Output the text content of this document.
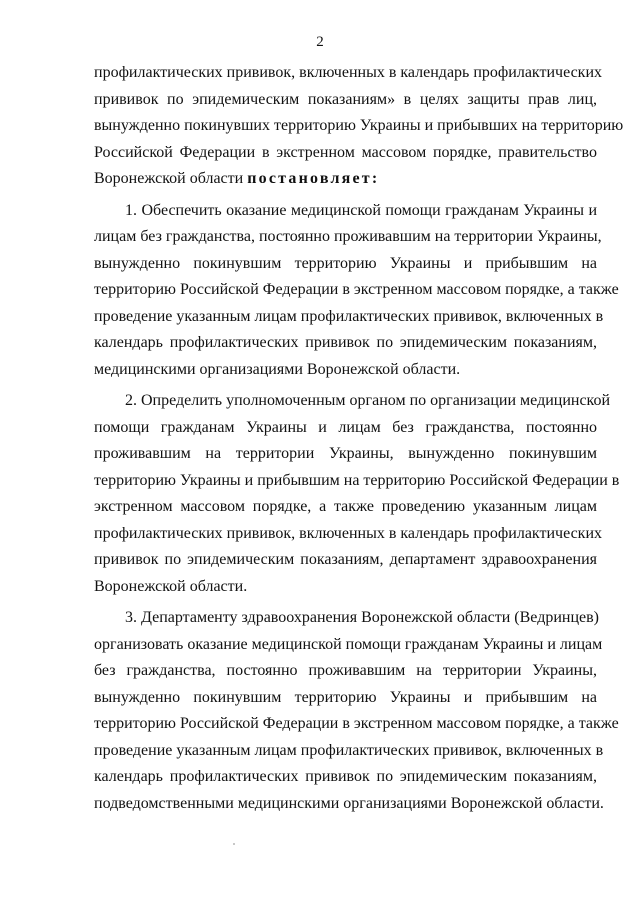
2
профилактических прививок, включенных в календарь профилактических
прививок по эпидемическим показаниям» в целях защиты прав лиц,
вынужденно покинувших территорию Украины и прибывших на территорию
Российской Федерации в экстренном массовом порядке, правительство
Воронежской области постановляет:
1. Обеспечить оказание медицинской помощи гражданам Украины и
лицам без гражданства, постоянно проживавшим на территории Украины,
вынужденно покинувшим территорию Украины и прибывшим на
территорию Российской Федерации в экстренном массовом порядке, а также
проведение указанным лицам профилактических прививок, включенных в
календарь профилактических прививок по эпидемическим показаниям,
медицинскими организациями Воронежской области.
2. Определить уполномоченным органом по организации медицинской
помощи гражданам Украины и лицам без гражданства, постоянно
проживавшим на территории Украины, вынужденно покинувшим
территорию Украины и прибывшим на территорию Российской Федерации в
экстренном массовом порядке, а также проведению указанным лицам
профилактических прививок, включенных в календарь профилактических
прививок по эпидемическим показаниям, департамент здравоохранения
Воронежской области.
3. Департаменту здравоохранения Воронежской области (Ведринцев)
организовать оказание медицинской помощи гражданам Украины и лицам
без гражданства, постоянно проживавшим на территории Украины,
вынужденно покинувшим территорию Украины и прибывшим на
территорию Российской Федерации в экстренном массовом порядке, а также
проведение указанным лицам профилактических прививок, включенных в
календарь профилактических прививок по эпидемическим показаниям,
подведомственными медицинскими организациями Воронежской области.
